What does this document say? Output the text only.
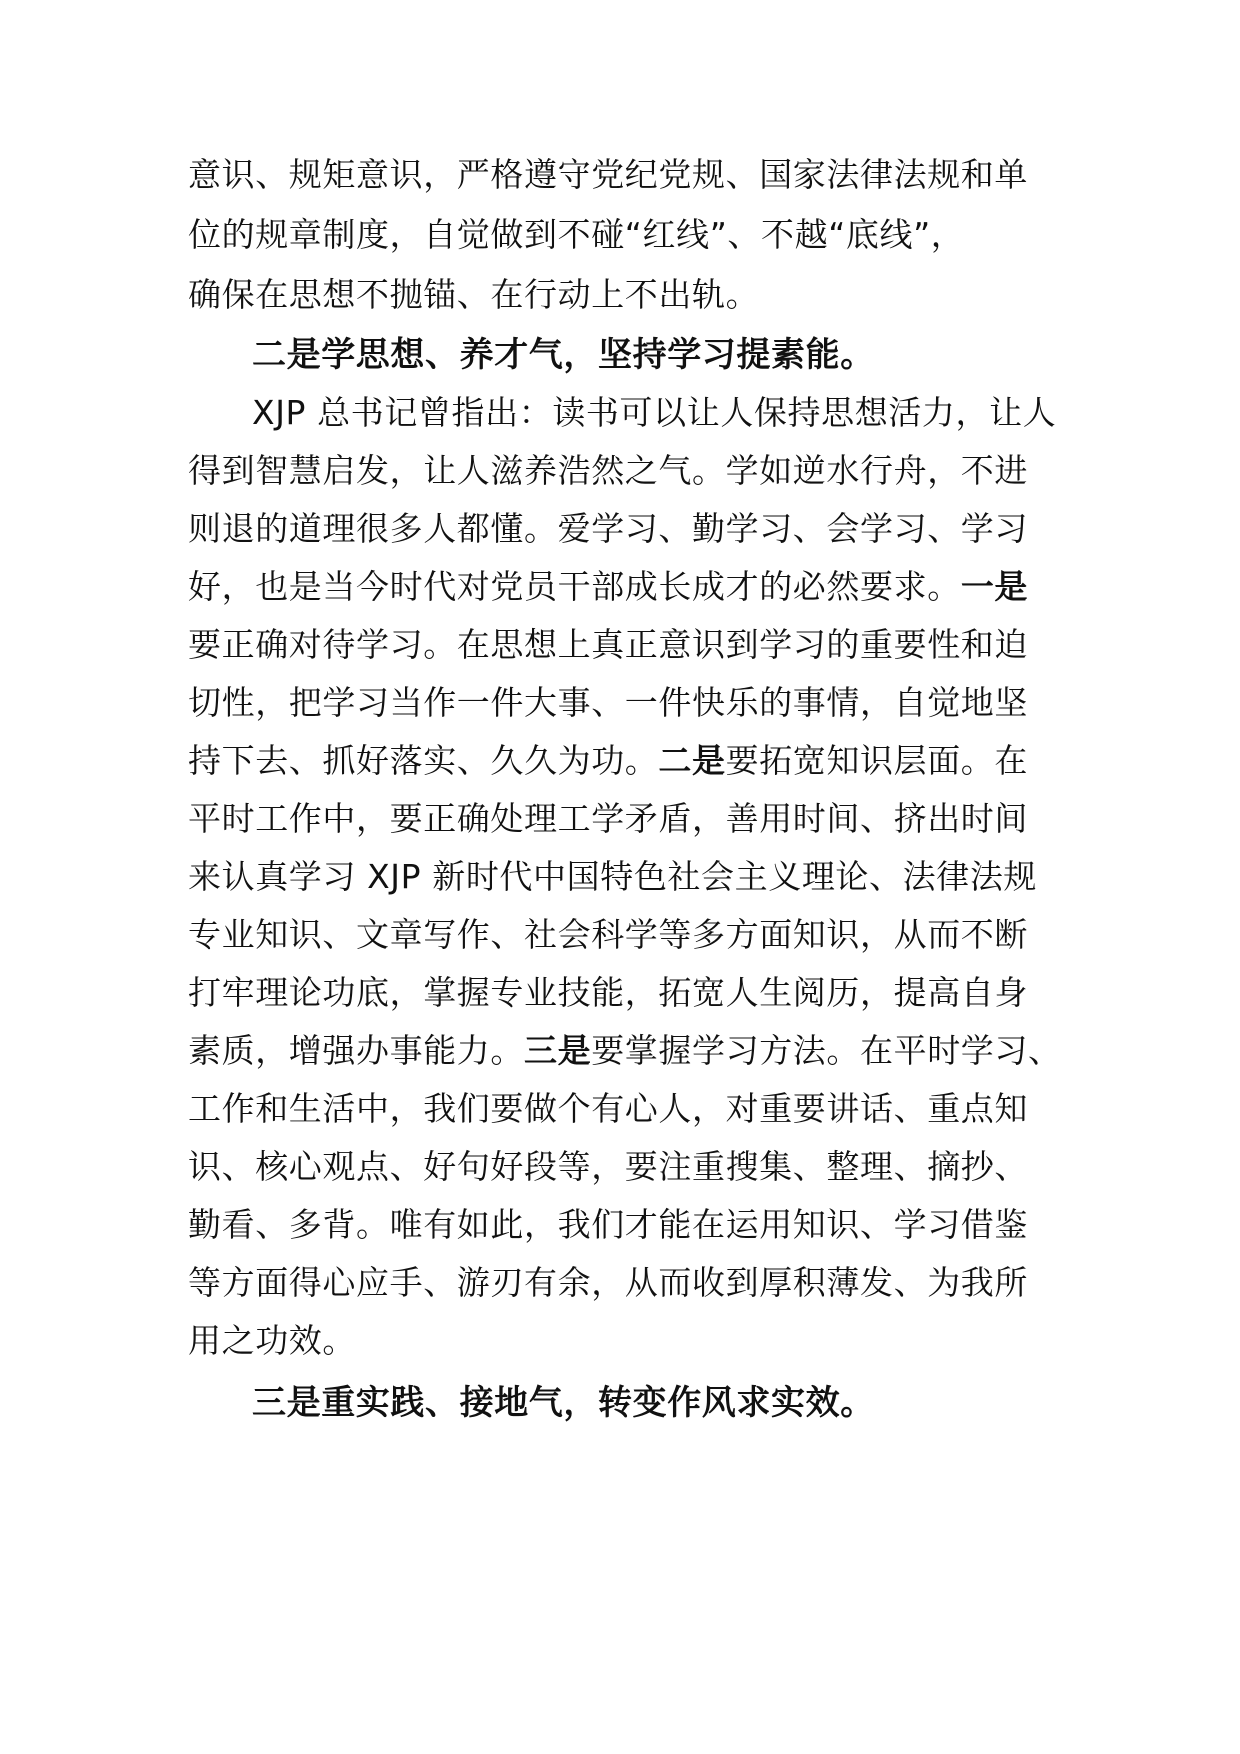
意识、规矩意识，严格遵守党纪党规、国家法律法规和单
位的规章制度，自觉做到不碰“红线”、不越“底线”，
确保在思想不抛锚、在行动上不出轨。
二是学思想、养才气，坚持学习提素能。
XJP 总书记曾指出：读书可以让人保持思想活力，让人
得到智慧启发，让人滋养浩然之气。学如逆水行舟，不进
则退的道理很多人都懂。爱学习、勤学习、会学习、学习
好，也是当今时代对党员干部成长成才的必然要求。一是
要正确对待学习。在思想上真正意识到学习的重要性和迫
切性，把学习当作一件大事、一件快乐的事情，自觉地坚
持下去、抓好落实、久久为功。二是要拓宽知识层面。在
平时工作中，要正确处理工学矛盾，善用时间、挤出时间
来认真学习 XJP 新时代中国特色社会主义理论、法律法规
专业知识、文章写作、社会科学等多方面知识，从而不断
打牢理论功底，掌握专业技能，拓宽人生阅历，提高自身
素质，增强办事能力。三是要掌握学习方法。在平时学习、
工作和生活中，我们要做个有心人，对重要讲话、重点知
识、核心观点、好句好段等，要注重搜集、整理、摘抄、
勤看、多背。唯有如此，我们才能在运用知识、学习借鉴
等方面得心应手、游刃有余，从而收到厚积薄发、为我所
用之功效。
三是重实践、接地气，转变作风求实效。
